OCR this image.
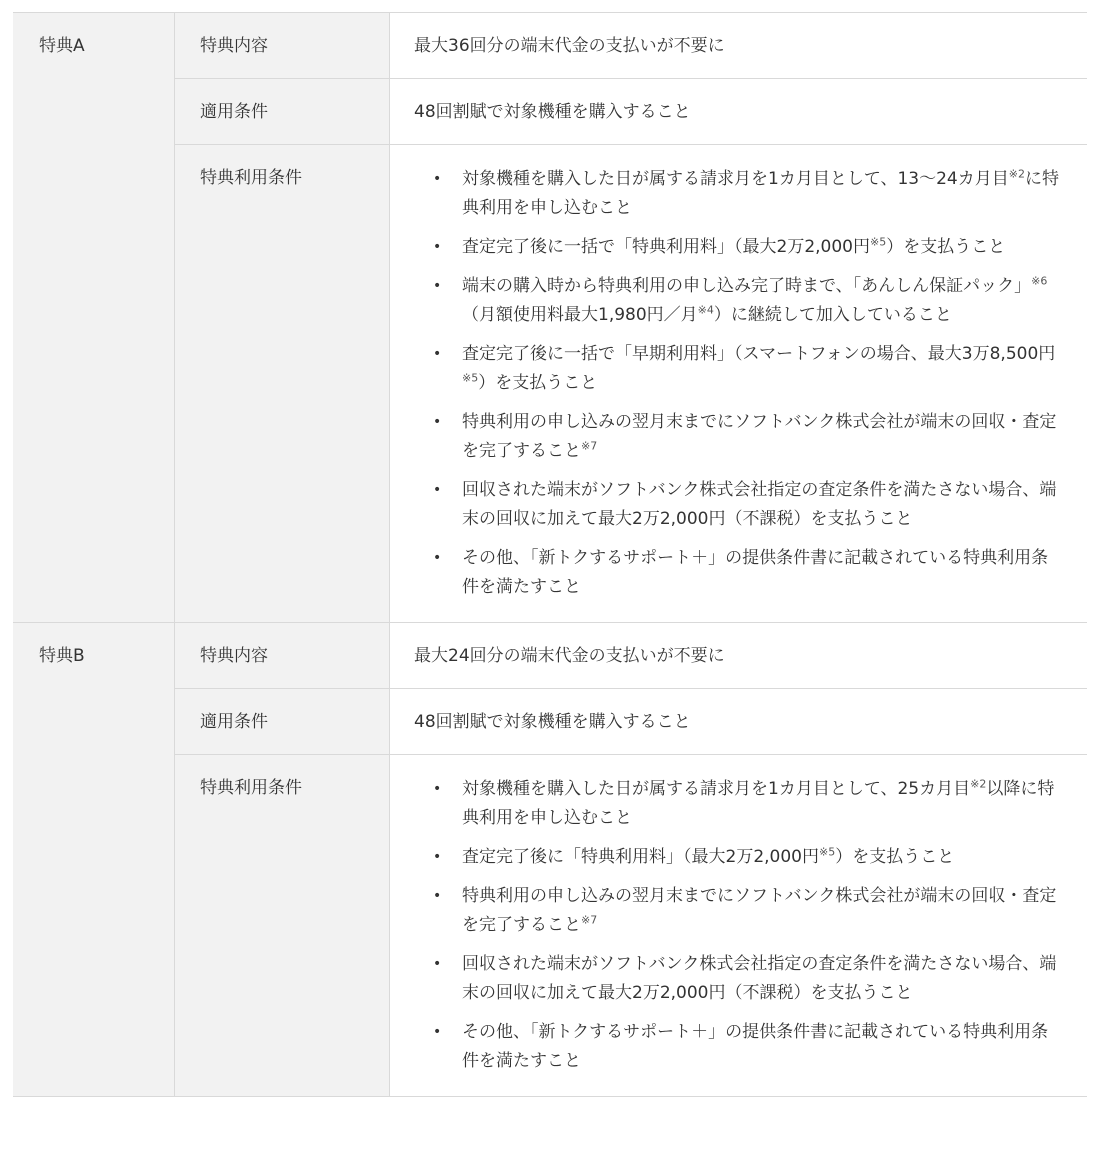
特典A	特典内容	最大36回分の端末代金の支払いが不要に
適用条件	48回割賦で対象機種を購入すること
特典利用条件	• 対象機種を購入した日が属する請求月を1カ月目として、13〜24カ月目$^{※2}$に特典利用を申し込むこと
• 査定完了後に一括で「特典利用料」（最大2万2,000円$^{※5}$）を支払うこと
• 端末の購入時から特典利用の申し込み完了時まで、「あんしん保証パック」$^{※6}$（月額使用料最大1,980円／月$^{※4}$）に継続して加入していること
• 査定完了後に一括で「早期利用料」（スマートフォンの場合、最大3万8,500円$^{※5}$）を支払うこと
• 特典利用の申し込みの翌月末までにソフトバンク株式会社が端末の回収・査定を完了すること$^{※7}$
• 回収された端末がソフトバンク株式会社指定の査定条件を満たさない場合、端末の回収に加えて最大2万2,000円（不課税）を支払うこと
• その他、「新トクするサポート＋」の提供条件書に記載されている特典利用条件を満たすこと
特典B	特典内容	最大24回分の端末代金の支払いが不要に
適用条件	48回割賦で対象機種を購入すること
特典利用条件	• 対象機種を購入した日が属する請求月を1カ月目として、25カ月目$^{※2}$以降に特典利用を申し込むこと
• 査定完了後に「特典利用料」（最大2万2,000円$^{※5}$）を支払うこと
• 特典利用の申し込みの翌月末までにソフトバンク株式会社が端末の回収・査定を完了すること$^{※7}$
• 回収された端末がソフトバンク株式会社指定の査定条件を満たさない場合、端末の回収に加えて最大2万2,000円（不課税）を支払うこと
• その他、「新トクするサポート＋」の提供条件書に記載されている特典利用条件を満たすこと
